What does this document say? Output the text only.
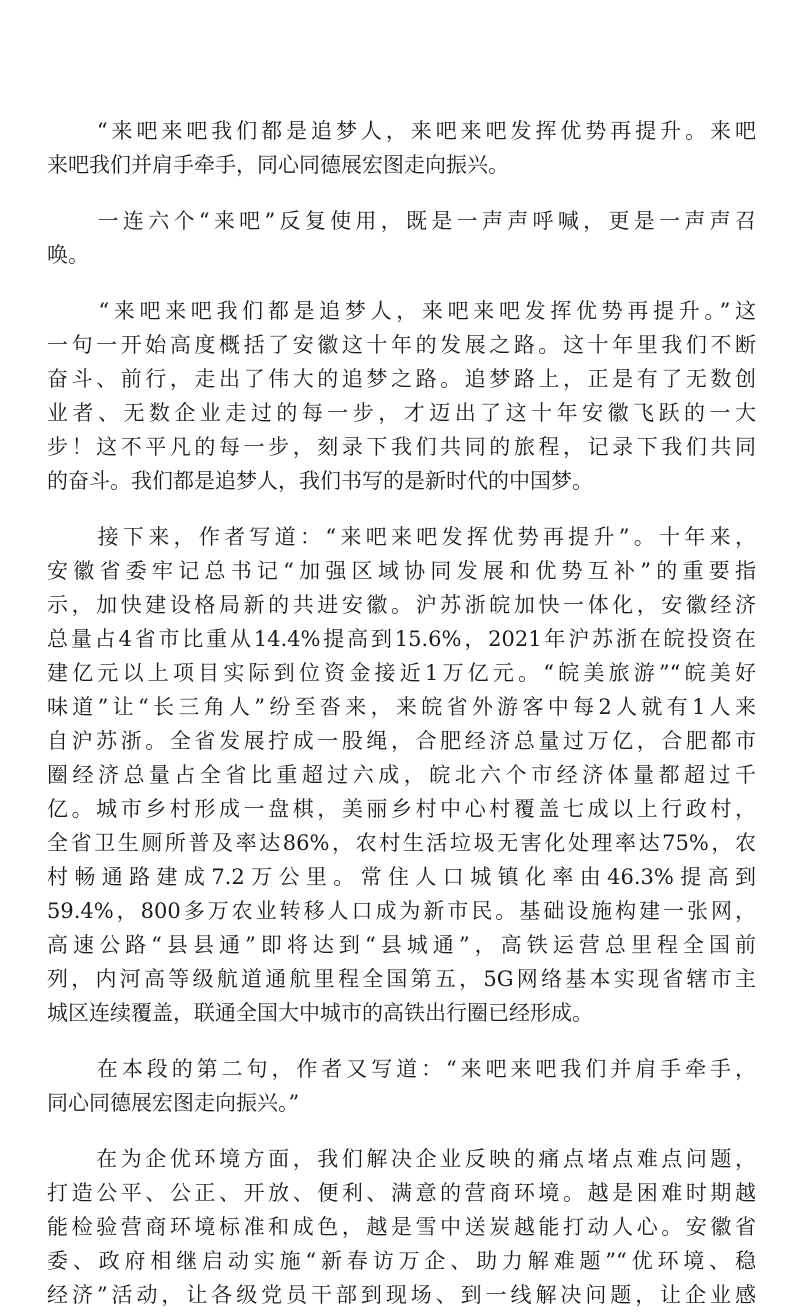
　　“来吧来吧我们都是追梦人，来吧来吧发挥优势再提升。来吧
来吧我们并肩手牵手，同心同德展宏图走向振兴。
　　一连六个“来吧”反复使用，既是一声声呼喊，更是一声声召
唤。
　　“来吧来吧我们都是追梦人，来吧来吧发挥优势再提升。”这
一句一开始高度概括了安徽这十年的发展之路。这十年里我们不断
奋斗、前行，走出了伟大的追梦之路。追梦路上，正是有了无数创
业者、无数企业走过的每一步，才迈出了这十年安徽飞跃的一大
步！这不平凡的每一步，刻录下我们共同的旅程，记录下我们共同
的奋斗。我们都是追梦人，我们书写的是新时代的中国梦。
　　接下来，作者写道：“来吧来吧发挥优势再提升”。十年来，
安徽省委牢记总书记“加强区域协同发展和优势互补”的重要指
示，加快建设格局新的共进安徽。沪苏浙皖加快一体化，安徽经济
总量占4省市比重从14.4%提高到15.6%，2021年沪苏浙在皖投资在
建亿元以上项目实际到位资金接近1万亿元。“皖美旅游”“皖美好
味道”让“长三角人”纷至沓来，来皖省外游客中每2人就有1人来
自沪苏浙。全省发展拧成一股绳，合肥经济总量过万亿，合肥都市
圈经济总量占全省比重超过六成，皖北六个市经济体量都超过千
亿。城市乡村形成一盘棋，美丽乡村中心村覆盖七成以上行政村，
全省卫生厕所普及率达86%，农村生活垃圾无害化处理率达75%，农
村畅通路建成7.2万公里。常住人口城镇化率由46.3%提高到
59.4%，800多万农业转移人口成为新市民。基础设施构建一张网，
高速公路“县县通”即将达到“县城通”，高铁运营总里程全国前
列，内河高等级航道通航里程全国第五，5G网络基本实现省辖市主
城区连续覆盖，联通全国大中城市的高铁出行圈已经形成。
　　在本段的第二句，作者又写道：“来吧来吧我们并肩手牵手，
同心同德展宏图走向振兴。”
　　在为企优环境方面，我们解决企业反映的痛点堵点难点问题，
打造公平、公正、开放、便利、满意的营商环境。越是困难时期越
能检验营商环境标准和成色，越是雪中送炭越能打动人心。安徽省
委、政府相继启动实施“新春访万企、助力解难题”“优环境、稳
经济”活动，让各级党员干部到现场、到一线解决问题，让企业感
